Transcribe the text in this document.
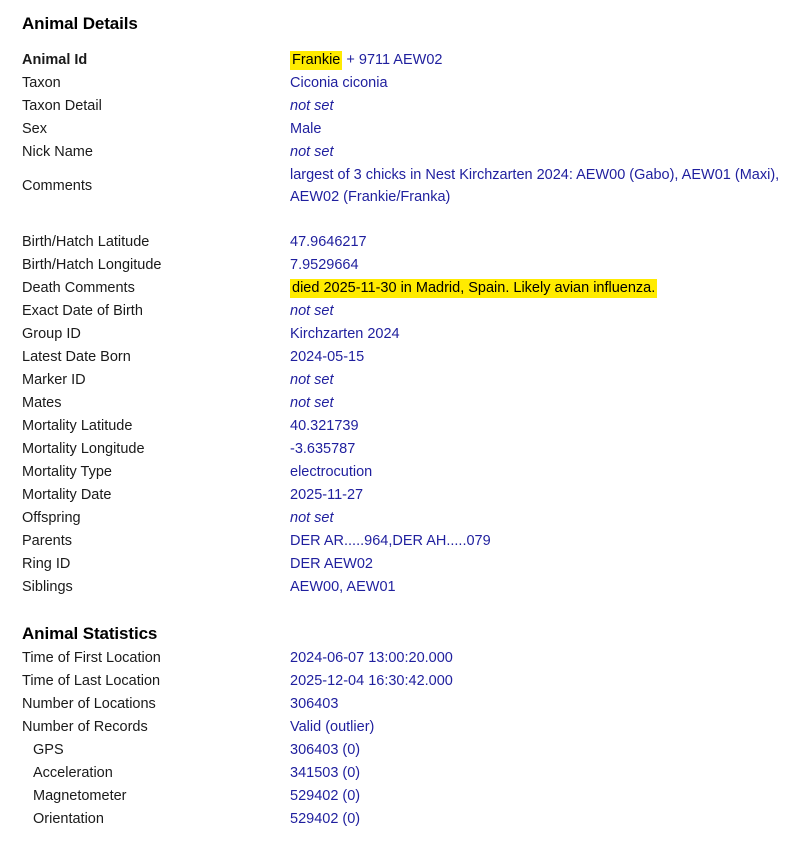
Animal Details
Animal Id	Frankie + 9711 AEW02
Taxon	Ciconia ciconia
Taxon Detail	not set
Sex	Male
Nick Name	not set
Comments	largest of 3 chicks in Nest Kirchzarten 2024: AEW00 (Gabo), AEW01 (Maxi), AEW02 (Frankie/Franka)

Birth/Hatch Latitude	47.9646217
Birth/Hatch Longitude	7.9529664
Death Comments	died 2025-11-30 in Madrid, Spain. Likely avian influenza.
Exact Date of Birth	not set
Group ID	Kirchzarten 2024
Latest Date Born	2024-05-15
Marker ID	not set
Mates	not set
Mortality Latitude	40.321739
Mortality Longitude	-3.635787
Mortality Type	electrocution
Mortality Date	2025-11-27
Offspring	not set
Parents	DER AR.....964,DER AH.....079
Ring ID	DER AEW02
Siblings	AEW00, AEW01

Animal Statistics
Time of First Location	2024-06-07 13:00:20.000
Time of Last Location	2025-12-04 16:30:42.000
Number of Locations	306403
Number of Records	Valid (outlier)
GPS	306403 (0)
Acceleration	341503 (0)
Magnetometer	529402 (0)
Orientation	529402 (0)
